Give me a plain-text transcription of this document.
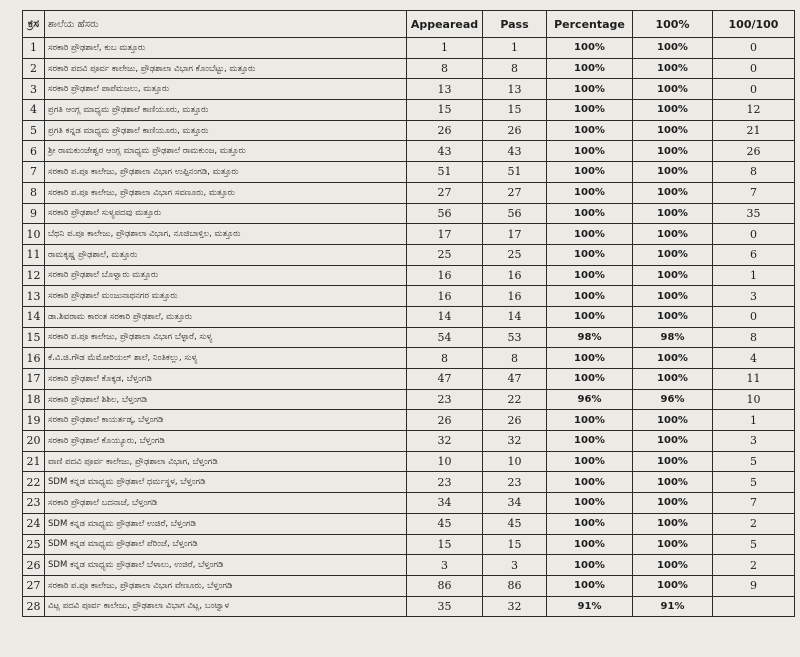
ಕ್ರಸ	ಶಾಲೆಯ ಹೆಸರು	Appearead	Pass	Percentage	100%	100/100
1	ಸರಕಾರಿ ಪ್ರೌಢಶಾಲೆ, ಕುಬ ಮತ್ತೂರು	1	1	100%	100%	0
2	ಸರಕಾರಿ ಪದವಿ ಪೂರ್ವ ಕಾಲೇಜು, ಪ್ರೌಢಶಾಲಾ ವಿಭಾಗ ಕೊಂಬೆಟ್ಟು, ಮತ್ತೂರು	8	8	100%	100%	0
3	ಸರಕಾರಿ ಪ್ರೌಢಶಾಲೆ ಪಾಪೆಮಜಲು, ಮತ್ತೂರು	13	13	100%	100%	0
4	ಪ್ರಗತಿ ಆಂಗ್ಲ ಮಾಧ್ಯಮ ಪ್ರೌಢಶಾಲೆ ಕಾಣಿಯೂರು, ಮತ್ತೂರು	15	15	100%	100%	12
5	ಪ್ರಗತಿ ಕನ್ನಡ ಮಾಧ್ಯಮ ಪ್ರೌಢಶಾಲೆ ಕಾಣಿಯೂರು, ಮತ್ತೂರು	26	26	100%	100%	21
6	ಶ್ರೀ ರಾಮಕುಂಜೇಶ್ವರ ಆಂಗ್ಲ ಮಾಧ್ಯಮ ಪ್ರೌಢಶಾಲೆ ರಾಮಕುಂಜ, ಮತ್ತೂರು	43	43	100%	100%	26
7	ಸರಕಾರಿ ಪ.ಪೂ ಕಾಲೇಜು, ಪ್ರೌಢಶಾಲಾ ವಿಭಾಗ ಉಪ್ಪಿನಂಗಡಿ, ಮತ್ತೂರು	51	51	100%	100%	8
8	ಸರಕಾರಿ ಪ.ಪೂ ಕಾಲೇಜು, ಪ್ರೌಢಶಾಲಾ ವಿಭಾಗ ಸವಣೂರು, ಮತ್ತೂರು	27	27	100%	100%	7
9	ಸರಕಾರಿ ಪ್ರೌಢಶಾಲೆ ಸುಳ್ಯಪದವು ಮತ್ತೂರು	56	56	100%	100%	35
10	ಬೆಥನಿ ಪ.ಪೂ ಕಾಲೇಜು, ಪ್ರೌಢಶಾಲಾ ವಿಭಾಗ, ನೂಜಿಬಾಳ್ತಿಲ, ಮತ್ತೂರು	17	17	100%	100%	0
11	ರಾಮಕೃಷ್ಣ ಪ್ರೌಢಶಾಲೆ, ಮತ್ತೂರು	25	25	100%	100%	6
12	ಸರಕಾರಿ ಪ್ರೌಢಶಾಲೆ ಬೊಳ್ವಾರು ಮತ್ತೂರು	16	16	100%	100%	1
13	ಸರಕಾರಿ ಪ್ರೌಢಶಾಲೆ ಮಂಜುನಾಥನಗರ ಮತ್ತೂರು	16	16	100%	100%	3
14	ಡಾ.ಶಿವರಾಮ ಕಾರಂತ ಸರಕಾರಿ ಪ್ರೌಢಶಾಲೆ, ಮತ್ತೂರು	14	14	100%	100%	0
15	ಸರಕಾರಿ ಪ.ಪೂ ಕಾಲೇಜು, ಪ್ರೌಢಶಾಲಾ ವಿಭಾಗ ಬೆಳ್ಳಾರೆ, ಸುಳ್ಯ	54	53	98%	98%	8
16	ಕೆ.ವಿ.ಜಿ.ಗೌಡ ಮೆಮೋರಿಯಲ್ ಶಾಲೆ, ನಿಂತಿಕಲ್ಲು, ಸುಳ್ಯ	8	8	100%	100%	4
17	ಸರಕಾರಿ ಪ್ರೌಢಶಾಲೆ ಕೊಕ್ಕಡ, ಬೆಳ್ತಂಗಡಿ	47	47	100%	100%	11
18	ಸರಕಾರಿ ಪ್ರೌಢಶಾಲೆ ಶಿಶಿಲ, ಬೆಳ್ತಂಗಡಿ	23	22	96%	96%	10
19	ಸರಕಾರಿ ಪ್ರೌಢಶಾಲೆ ಕಾಯರ್ತಡ್ಕ, ಬೆಳ್ತಂಗಡಿ	26	26	100%	100%	1
20	ಸರಕಾರಿ ಪ್ರೌಢಶಾಲೆ ಕೊಯ್ಯೂರು, ಬೆಳ್ತಂಗಡಿ	32	32	100%	100%	3
21	ವಾಣಿ ಪದವಿ ಪೂರ್ವ ಕಾಲೇಜು, ಪ್ರೌಢಶಾಲಾ ವಿಭಾಗ, ಬೆಳ್ತಂಗಡಿ	10	10	100%	100%	5
22	SDM ಕನ್ನಡ ಮಾಧ್ಯಮ ಪ್ರೌಢಶಾಲೆ ಧರ್ಮಸ್ಥಳ, ಬೆಳ್ತಂಗಡಿ	23	23	100%	100%	5
23	ಸರಕಾರಿ ಪ್ರೌಢಶಾಲೆ ಬದನಾಜೆ, ಬೆಳ್ತಂಗಡಿ	34	34	100%	100%	7
24	SDM ಕನ್ನಡ ಮಾಧ್ಯಮ ಪ್ರೌಢಶಾಲೆ ಉಜಿರೆ, ಬೆಳ್ತಂಗಡಿ	45	45	100%	100%	2
25	SDM ಕನ್ನಡ ಮಾಧ್ಯಮ ಪ್ರೌಢಶಾಲೆ ಪೆರಿಂಜೆ, ಬೆಳ್ತಂಗಡಿ	15	15	100%	100%	5
26	SDM ಕನ್ನಡ ಮಾಧ್ಯಮ ಪ್ರೌಢಶಾಲೆ ಬೆಳಾಲು, ಉಜಿರೆ, ಬೆಳ್ತಂಗಡಿ	3	3	100%	100%	2
27	ಸರಕಾರಿ ಪ.ಪೂ ಕಾಲೇಜು, ಪ್ರೌಢಶಾಲಾ ವಿಭಾಗ ವೇಣೂರು, ಬೆಳ್ತಂಗಡಿ	86	86	100%	100%	9
28	ವಿಟ್ಲ ಪದವಿ ಪೂರ್ವ ಕಾಲೇಜು, ಪ್ರೌಢಶಾಲಾ ವಿಭಾಗ ವಿಟ್ಲ, ಬಂಟ್ವಾಳ	35	32	91%	91%	
